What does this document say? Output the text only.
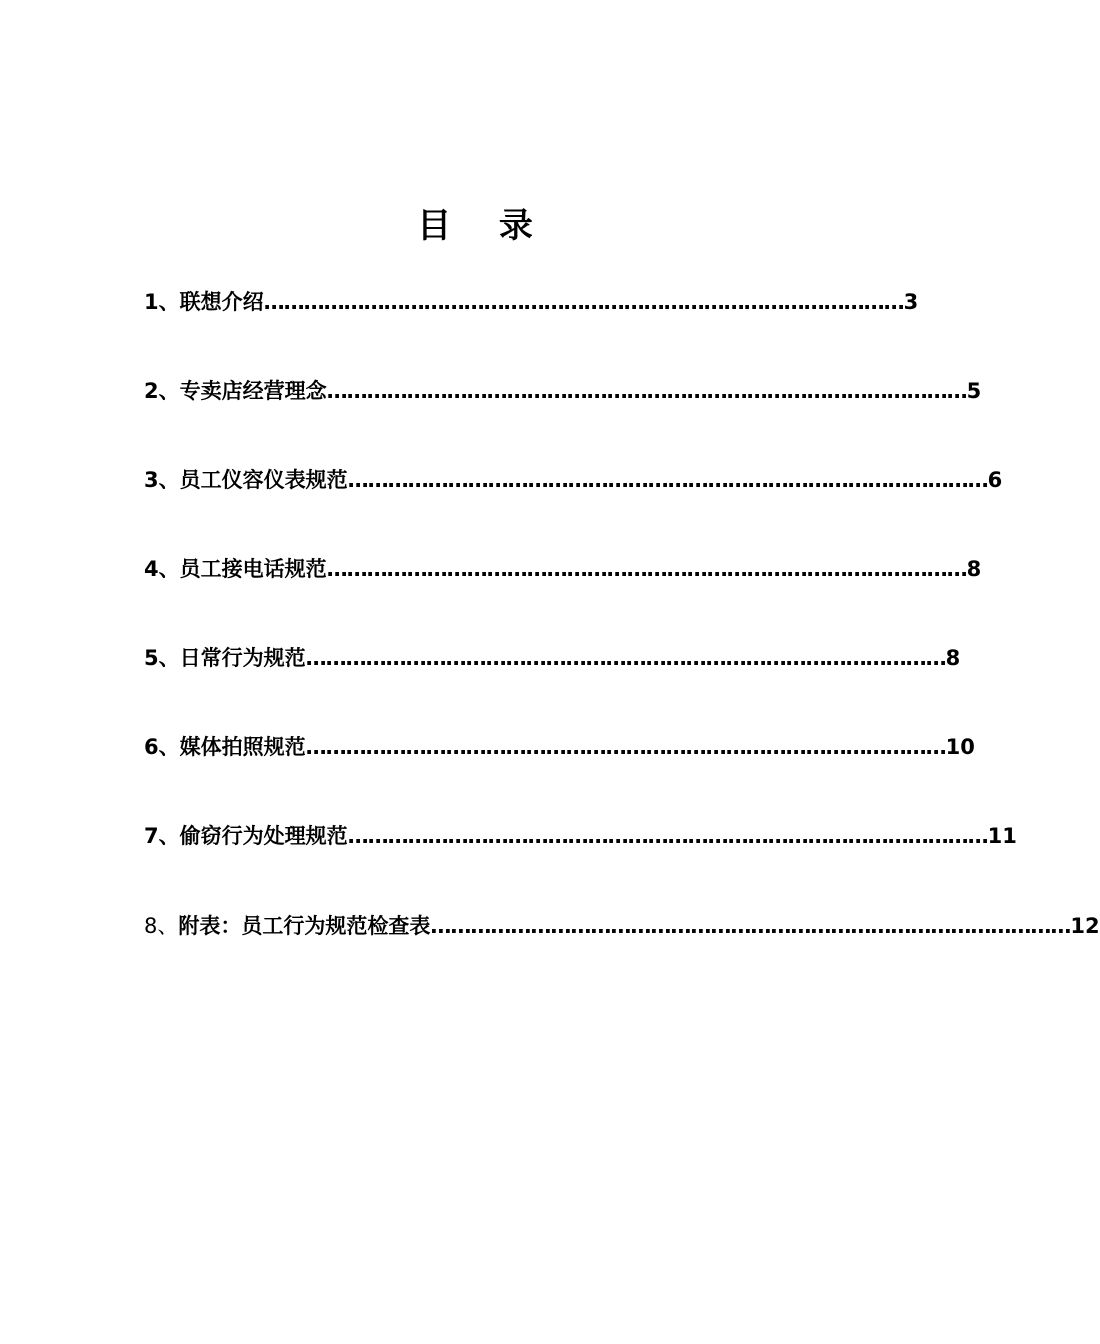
目 录
1、 联想介绍 …………………………………………………………………………………… 3
2、 专卖店经营理念 …………………………………………………………………………………… 5
3、 员工仪容仪表规范 …………………………………………………………………………………… 6
4、 员工接电话规范 …………………………………………………………………………………… 8
5、 日常行为规范 …………………………………………………………………………………… 8
6、 媒体拍照规范 …………………………………………………………………………………… 10
7、 偷窃行为处理规范 …………………………………………………………………………………… 11
8、 附表：员工行为规范检查表 …………………………………………………………………………………… 12
